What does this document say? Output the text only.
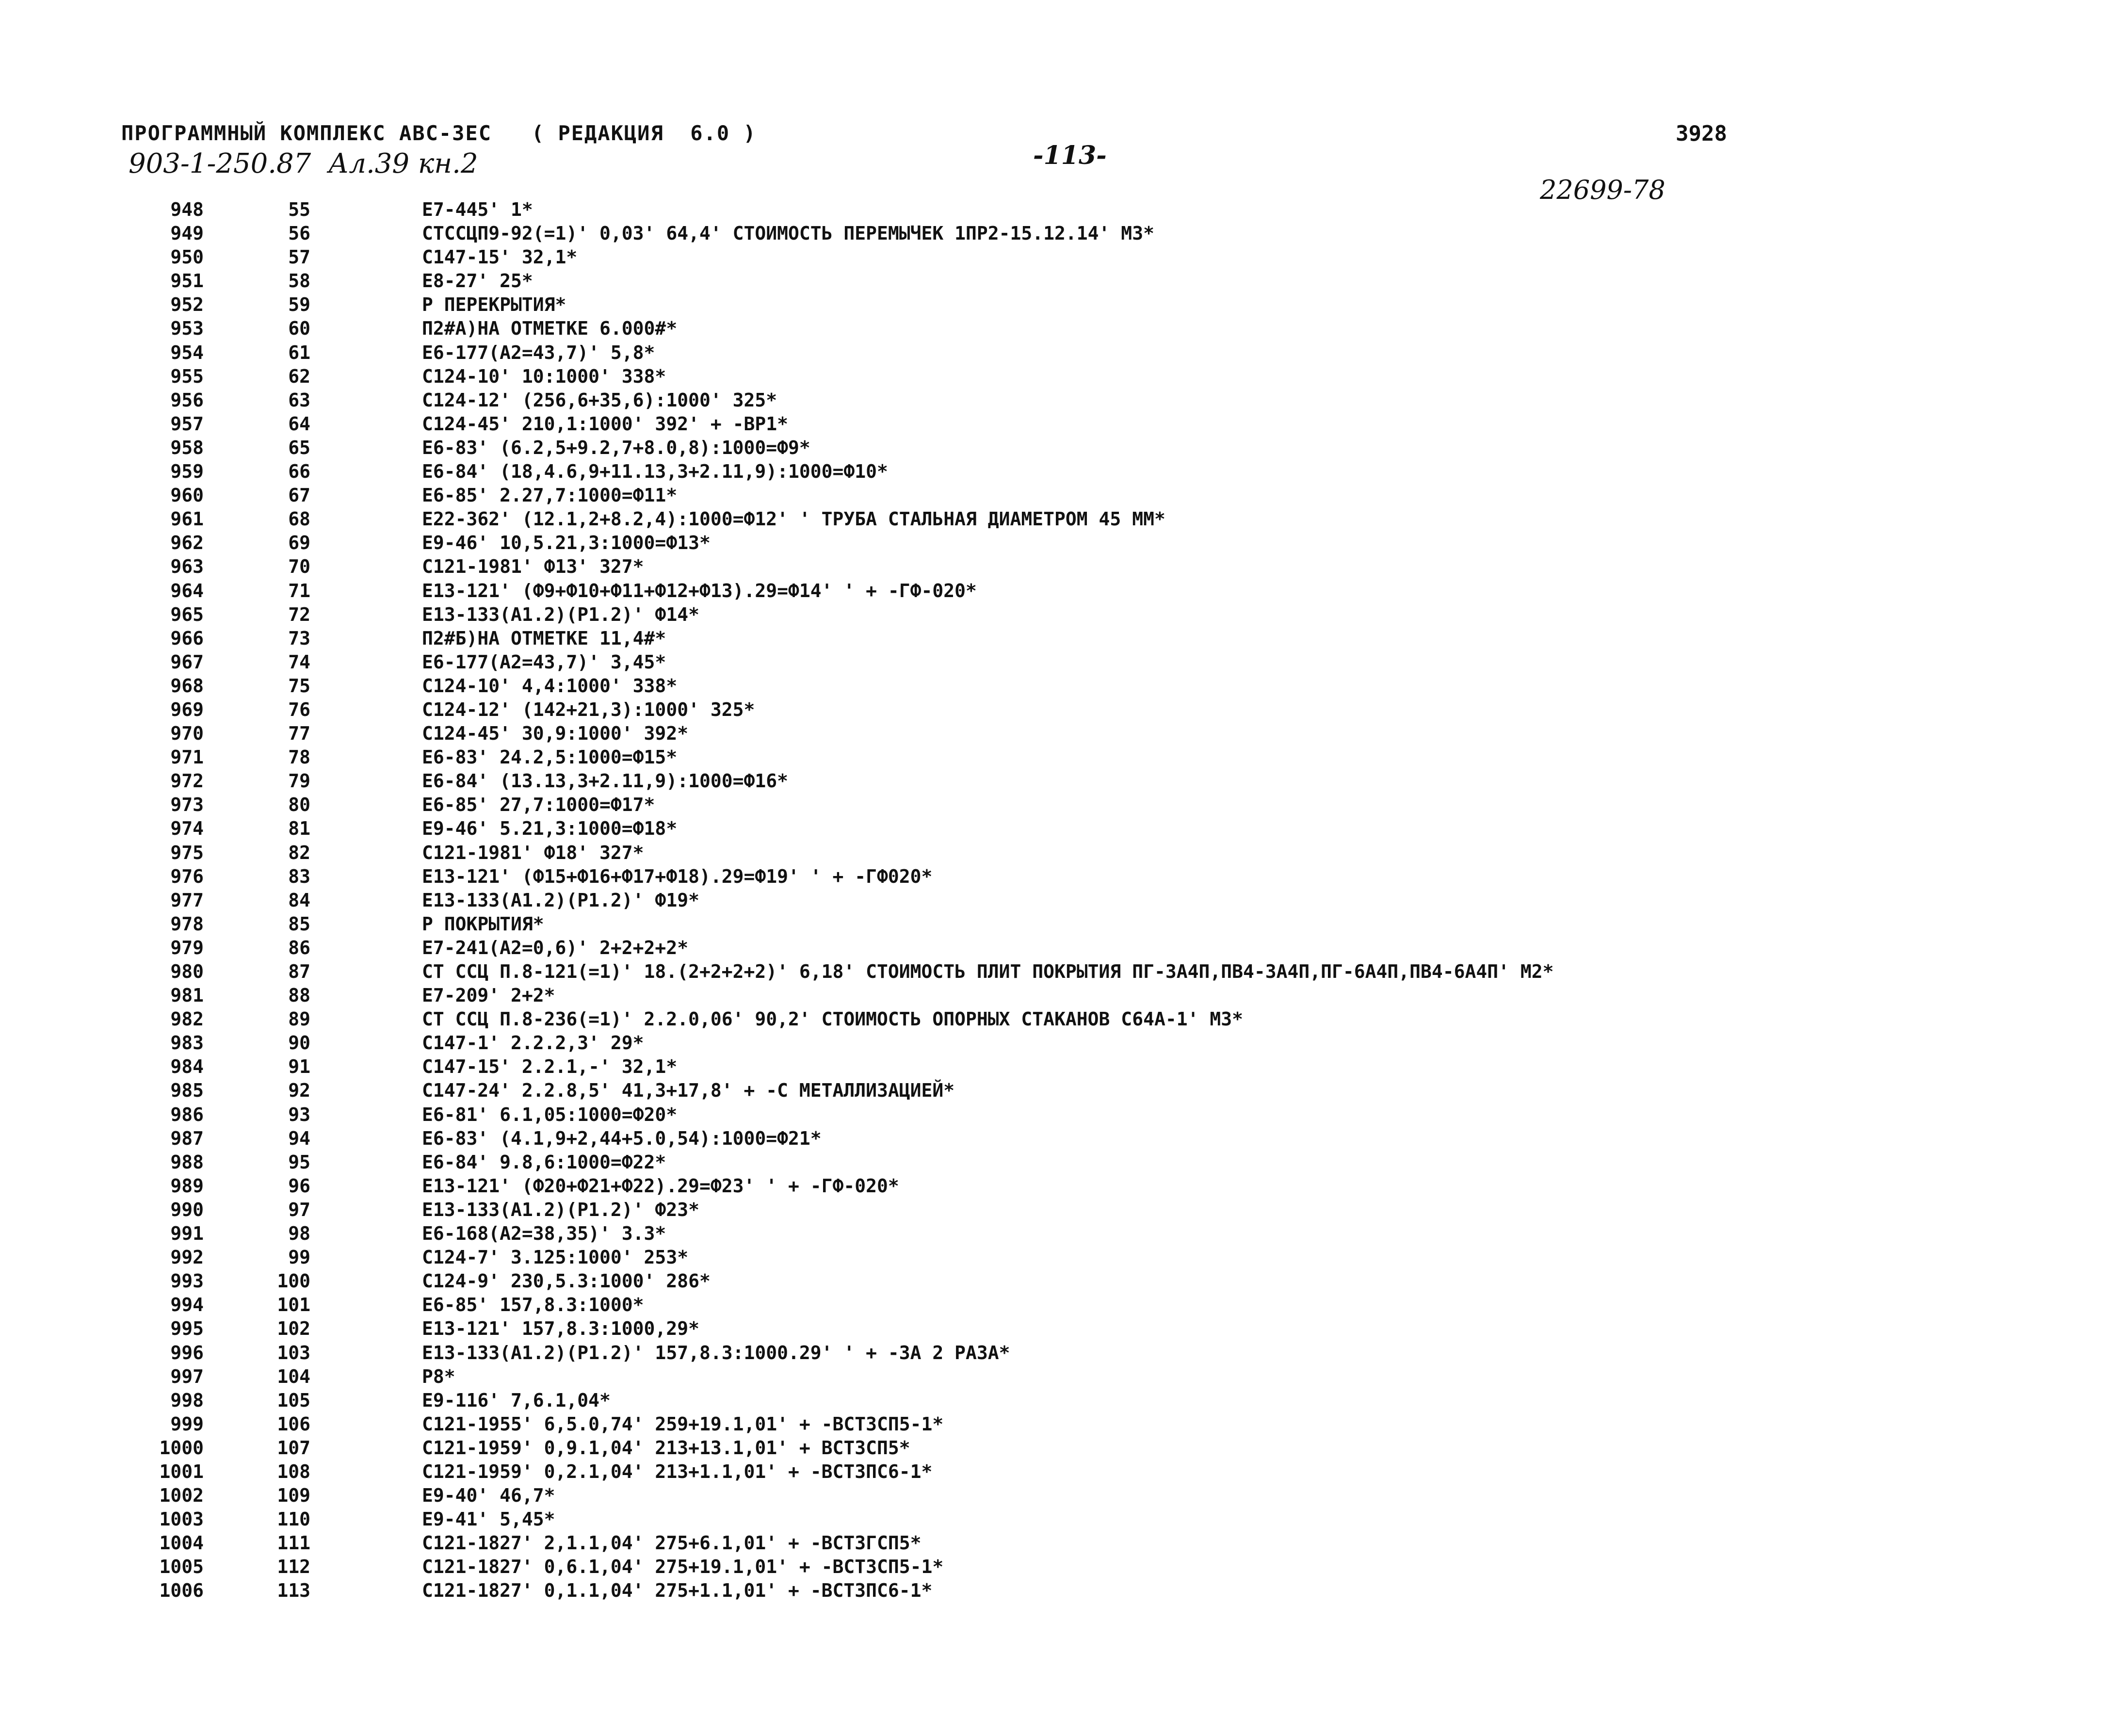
ПРОГРАММНЫЙ КОМПЛЕКС АВС-ЗЕС   ( РЕДАКЦИЯ  6.0 )	3928
-113-
903-1-250.87  Ал.39 кн.2
22699-78
948	55	Е7-445' 1*
949	56	СТССЦП9-92(=1)' 0,03' 64,4' СТОИМОСТЬ ПЕРЕМЫЧЕК 1ПР2-15.12.14' М3*
950	57	С147-15' 32,1*
951	58	Е8-27' 25*
952	59	Р ПЕРЕКРЫТИЯ*
953	60	П2#А)НА ОТМЕТКЕ 6.000#*
954	61	Е6-177(А2=43,7)' 5,8*
955	62	С124-10' 10:1000' 338*
956	63	С124-12' (256,6+35,6):1000' 325*
957	64	С124-45' 210,1:1000' 392' + -ВР1*
958	65	Е6-83' (6.2,5+9.2,7+8.0,8):1000=Ф9*
959	66	Е6-84' (18,4.6,9+11.13,3+2.11,9):1000=Ф10*
960	67	Е6-85' 2.27,7:1000=Ф11*
961	68	Е22-362' (12.1,2+8.2,4):1000=Ф12' ' ТРУБА СТАЛЬНАЯ ДИАМЕТРОМ 45 ММ*
962	69	Е9-46' 10,5.21,3:1000=Ф13*
963	70	С121-1981' Ф13' 327*
964	71	Е13-121' (Ф9+Ф10+Ф11+Ф12+Ф13).29=Ф14' ' + -ГФ-020*
965	72	Е13-133(А1.2)(Р1.2)' Ф14*
966	73	П2#Б)НА ОТМЕТКЕ 11,4#*
967	74	Е6-177(А2=43,7)' 3,45*
968	75	С124-10' 4,4:1000' 338*
969	76	С124-12' (142+21,3):1000' 325*
970	77	С124-45' 30,9:1000' 392*
971	78	Е6-83' 24.2,5:1000=Ф15*
972	79	Е6-84' (13.13,3+2.11,9):1000=Ф16*
973	80	Е6-85' 27,7:1000=Ф17*
974	81	Е9-46' 5.21,3:1000=Ф18*
975	82	С121-1981' Ф18' 327*
976	83	Е13-121' (Ф15+Ф16+Ф17+Ф18).29=Ф19' ' + -ГФ020*
977	84	Е13-133(А1.2)(Р1.2)' Ф19*
978	85	Р ПОКРЫТИЯ*
979	86	Е7-241(А2=0,6)' 2+2+2+2*
980	87	СТ ССЦ П.8-121(=1)' 18.(2+2+2+2)' 6,18' СТОИМОСТЬ ПЛИТ ПОКРЫТИЯ ПГ-3А4П,ПВ4-3А4П,ПГ-6А4П,ПВ4-6А4П' М2*
981	88	Е7-209' 2+2*
982	89	СТ ССЦ П.8-236(=1)' 2.2.0,06' 90,2' СТОИМОСТЬ ОПОРНЫХ СТАКАНОВ С64А-1' М3*
983	90	С147-1' 2.2.2,3' 29*
984	91	С147-15' 2.2.1,-' 32,1*
985	92	С147-24' 2.2.8,5' 41,3+17,8' + -С МЕТАЛЛИЗАЦИЕЙ*
986	93	Е6-81' 6.1,05:1000=Ф20*
987	94	Е6-83' (4.1,9+2,44+5.0,54):1000=Ф21*
988	95	Е6-84' 9.8,6:1000=Ф22*
989	96	Е13-121' (Ф20+Ф21+Ф22).29=Ф23' ' + -ГФ-020*
990	97	Е13-133(А1.2)(Р1.2)' Ф23*
991	98	Е6-168(А2=38,35)' 3.3*
992	99	С124-7' 3.125:1000' 253*
993	100	С124-9' 230,5.3:1000' 286*
994	101	Е6-85' 157,8.3:1000*
995	102	Е13-121' 157,8.3:1000,29*
996	103	Е13-133(А1.2)(Р1.2)' 157,8.3:1000.29' ' + -ЗА 2 РАЗА*
997	104	Р8*
998	105	Е9-116' 7,6.1,04*
999	106	С121-1955' 6,5.0,74' 259+19.1,01' + -ВСТ3СП5-1*
1000	107	С121-1959' 0,9.1,04' 213+13.1,01' + ВСТ3СП5*
1001	108	С121-1959' 0,2.1,04' 213+1.1,01' + -ВСТ3ПС6-1*
1002	109	Е9-40' 46,7*
1003	110	Е9-41' 5,45*
1004	111	С121-1827' 2,1.1,04' 275+6.1,01' + -ВСТ3ГСП5*
1005	112	С121-1827' 0,6.1,04' 275+19.1,01' + -ВСТ3СП5-1*
1006	113	С121-1827' 0,1.1,04' 275+1.1,01' + -ВСТ3ПС6-1*
